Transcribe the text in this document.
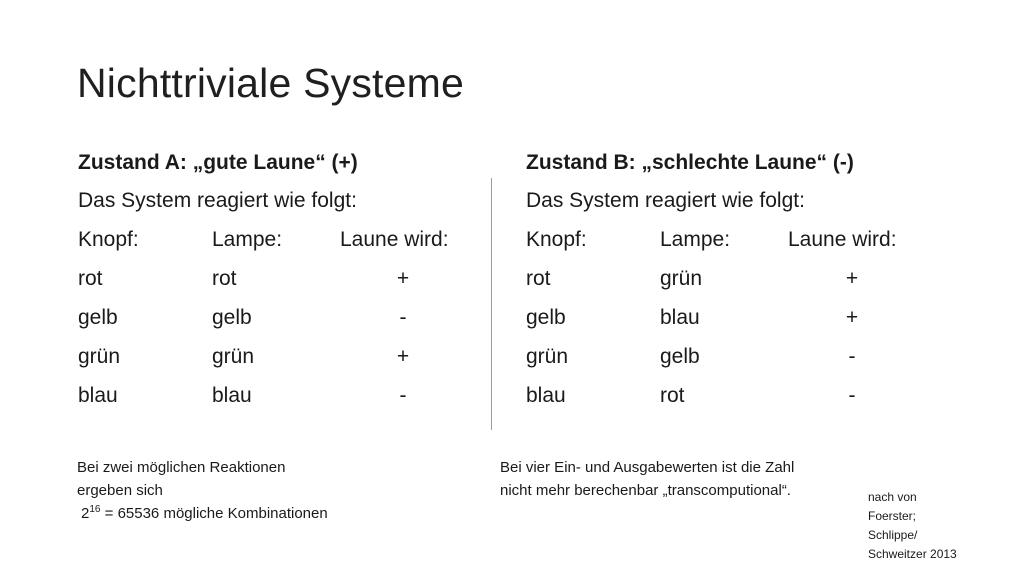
Nichttriviale Systeme
Zustand A: „gute Laune“ (+)
Das System reagiert wie folgt:
Knopf:	Lampe:	Laune wird:
rot	rot	+
gelb	gelb	-
grün	grün	+
blau	blau	-
Zustand B: „schlechte Laune“ (-)
Das System reagiert wie folgt:
Knopf:	Lampe:	Laune wird:
rot	grün	+
gelb	blau	+
grün	gelb	-
blau	rot	-
Bei zwei möglichen Reaktionen
ergeben sich
$2^{16} = 65536$ mögliche Kombinationen
Bei vier Ein- und Ausgabewerten ist die Zahl
nicht mehr berechenbar „transcomputional“.	nach von
Foerster;
Schlippe/
Schweitzer 2013
